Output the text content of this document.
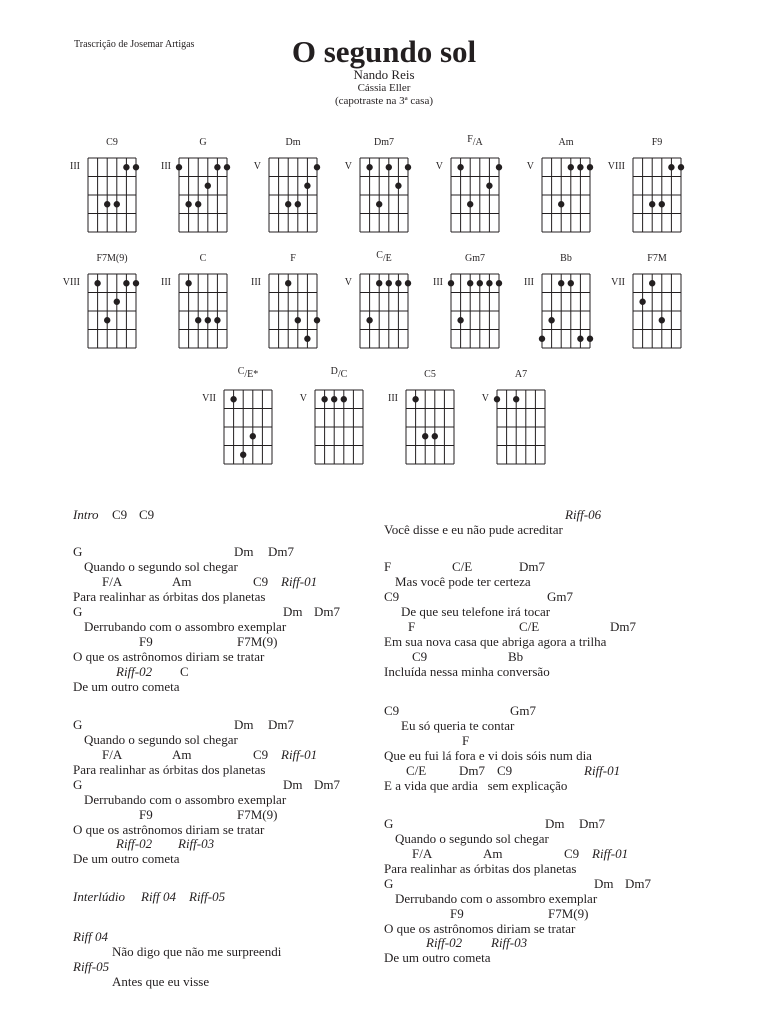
Trascrição de Josemar Artigas	O segundo sol
Nando Reis
Cássia Eller
(capotraste na 3ª casa)
C9
III
G
III
Dm
V
Dm7
V
F/A
V
Am
V
F9
VIII
F7M(9)
VIII
C
III
F
III
C/E
V
Gm7
III
Bb
III
F7M
VII
C/E*
VII
D/C
V
C5
III
A7
V
Intro C9 C9
G	Dm Dm7
Quando o segundo sol chegar
F/A	Am	C9 Riff-01
Para realinhar as órbitas dos planetas
G	Dm Dm7
Derrubando com o assombro exemplar
F9	F7M(9)
O que os astrônomos diriam se tratar
Riff-02 C
De um outro cometa
G	Dm Dm7
Quando o segundo sol chegar
F/A	Am	C9 Riff-01
Para realinhar as órbitas dos planetas
G	Dm Dm7
Derrubando com o assombro exemplar
F9	F7M(9)
O que os astrônomos diriam se tratar
Riff-02 Riff-03
De um outro cometa
Interlúdio Riff 04 Riff-05
Riff 04
Não digo que não me surpreendi
Riff-05
Antes que eu visse
Riff-06
Você disse e eu não pude acreditar
F	C/E	Dm7
Mas você pode ter certeza
C9	Gm7
De que seu telefone irá tocar
F	C/E	Dm7
Em sua nova casa que abriga agora a trilha
C9	Bb
Incluída nessa minha conversão
C9	Gm7
Eu só queria te contar
F
Que eu fui lá fora e vi dois sóis num dia
C/E	Dm7 C9	Riff-01
E a vida que ardia   sem explicação
G	Dm Dm7
Quando o segundo sol chegar
F/A	Am	C9 Riff-01
Para realinhar as órbitas dos planetas
G	Dm Dm7
Derrubando com o assombro exemplar
F9	F7M(9)
O que os astrônomos diriam se tratar
Riff-02 Riff-03
De um outro cometa
